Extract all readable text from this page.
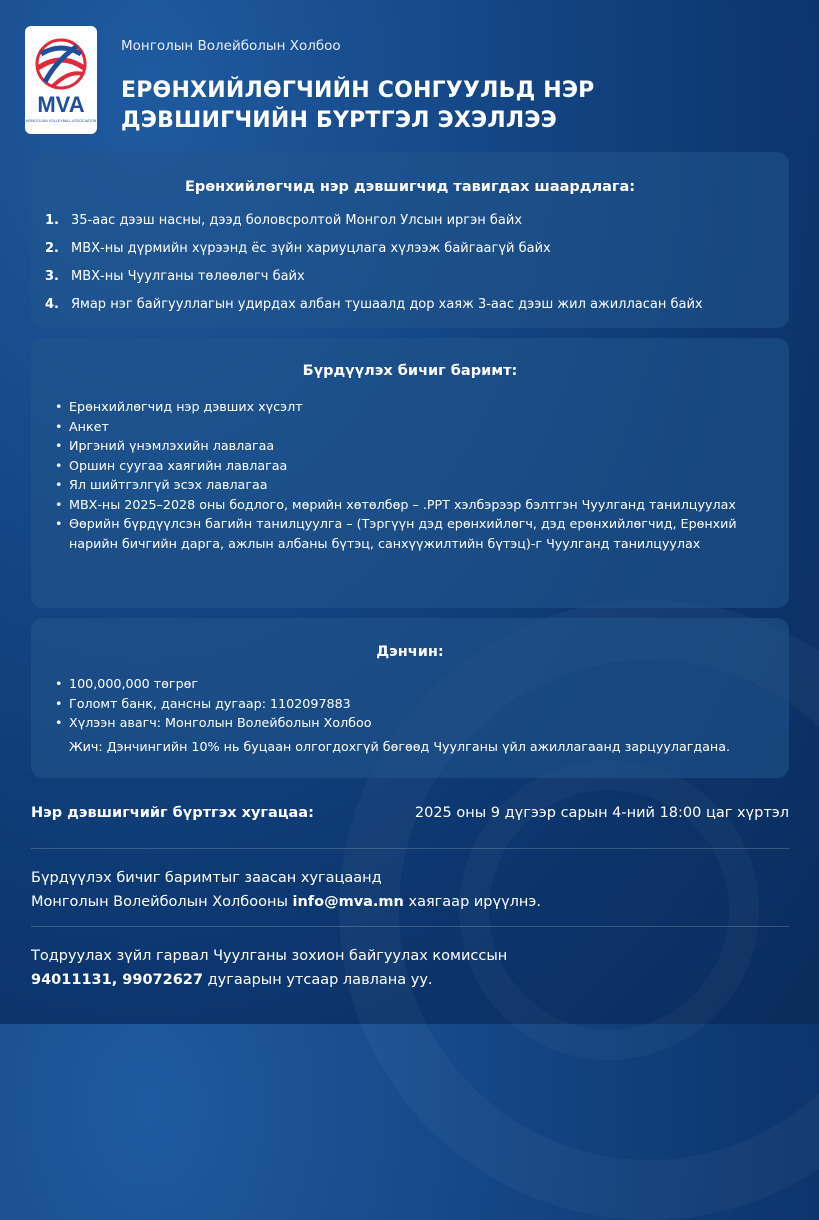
MVA
MONGOLIAN VOLLEYBALL ASSOCIATION
Монголын Волейболын Холбоо
ЕРӨНХИЙЛӨГЧИЙН СОНГУУЛЬД НЭР
ДЭВШИГЧИЙН БҮРТГЭЛ ЭХЭЛЛЭЭ
Ерөнхийлөгчид нэр дэвшигчид тавигдах шаардлага:
1. 35-аас дээш насны, дээд боловсролтой Монгол Улсын иргэн байх
2. МВХ-ны дүрмийн хүрээнд ёс зүйн хариуцлага хүлээж байгаагүй байх
3. МВХ-ны Чуулганы төлөөлөгч байх
4. Ямар нэг байгууллагын удирдах албан тушаалд дор хаяж 3-аас дээш жил ажилласан байх
Бүрдүүлэх бичиг баримт:
• Ерөнхийлөгчид нэр дэвших хүсэлт
• Анкет
• Иргэний үнэмлэхийн лавлагаа
• Оршин суугаа хаягийн лавлагаа
• Ял шийтгэлгүй эсэх лавлагаа
• МВХ-ны 2025–2028 оны бодлого, мөрийн хөтөлбөр – .PPT хэлбэрээр бэлтгэн Чуулганд танилцуулах
• Өөрийн бүрдүүлсэн багийн танилцуулга – (Тэргүүн дэд ерөнхийлөгч, дэд ерөнхийлөгчид, Ерөнхий нарийн бичгийн дарга, ажлын албаны бүтэц, санхүүжилтийн бүтэц)-г Чуулганд танилцуулах
Дэнчин:
• 100,000,000 төгрөг
• Голомт банк, дансны дугаар: 1102097883
• Хүлээн авагч: Монголын Волейболын Холбоо
Жич: Дэнчингийн 10% нь буцаан олгогдохгүй бөгөөд Чуулганы үйл ажиллагаанд зарцуулагдана.
Нэр дэвшигчийг бүртгэх хугацаа:	2025 оны 9 дүгээр сарын 4-ний 18:00 цаг хүртэл
Бүрдүүлэх бичиг баримтыг заасан хугацаанд
Монголын Волейболын Холбооны info@mva.mn хаягаар ирүүлнэ.
Тодруулах зүйл гарвал Чуулганы зохион байгуулах комиссын
94011131, 99072627 дугаарын утсаар лавлана уу.
